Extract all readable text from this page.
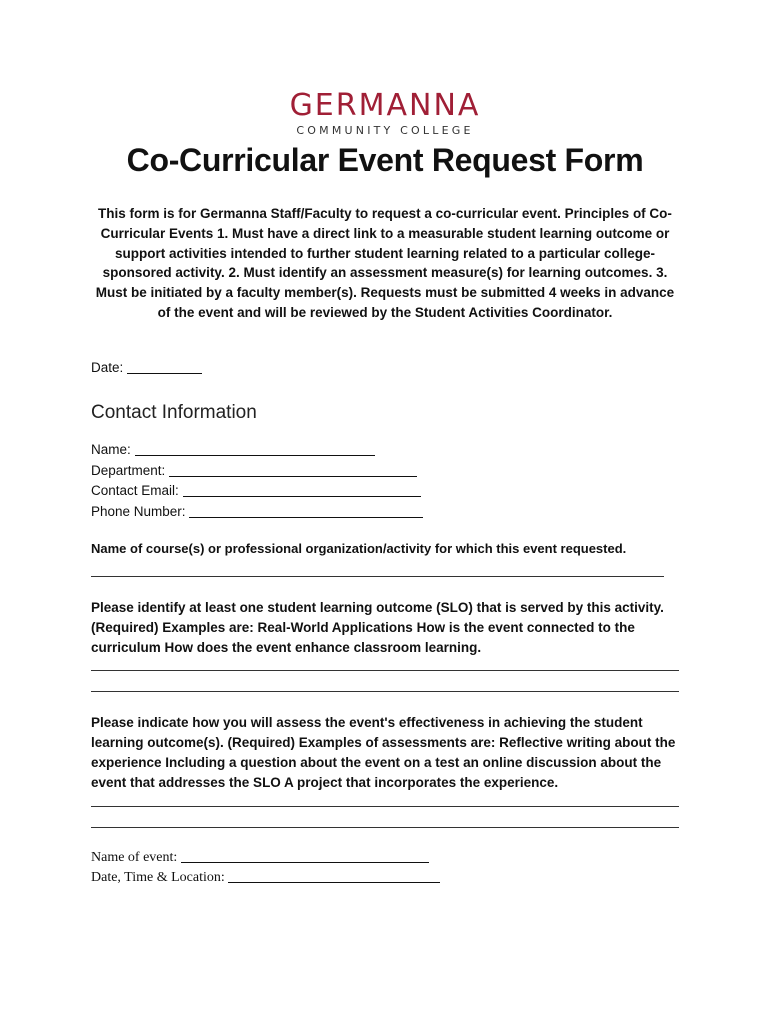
GERMANNA
COMMUNITY COLLEGE
Co-Curricular Event Request Form
This form is for Germanna Staff/Faculty to request a co-curricular event. Principles of Co-Curricular Events 1. Must have a direct link to a measurable student learning outcome or support activities intended to further student learning related to a particular college-sponsored activity. 2. Must identify an assessment measure(s) for learning outcomes. 3. Must be initiated by a faculty member(s). Requests must be submitted 4 weeks in advance of the event and will be reviewed by the Student Activities Coordinator.
Date:
Contact Information
Name:
Department:
Contact Email:
Phone Number:
Name of course(s) or professional organization/activity for which this event requested.
Please identify at least one student learning outcome (SLO) that is served by this activity. (Required) Examples are: Real-World Applications How is the event connected to the curriculum How does the event enhance classroom learning.
Please indicate how you will assess the event's effectiveness in achieving the student learning outcome(s). (Required) Examples of assessments are: Reflective writing about the experience Including a question about the event on a test an online discussion about the event that addresses the SLO A project that incorporates the experience.
Name of event:
Date, Time & Location:
